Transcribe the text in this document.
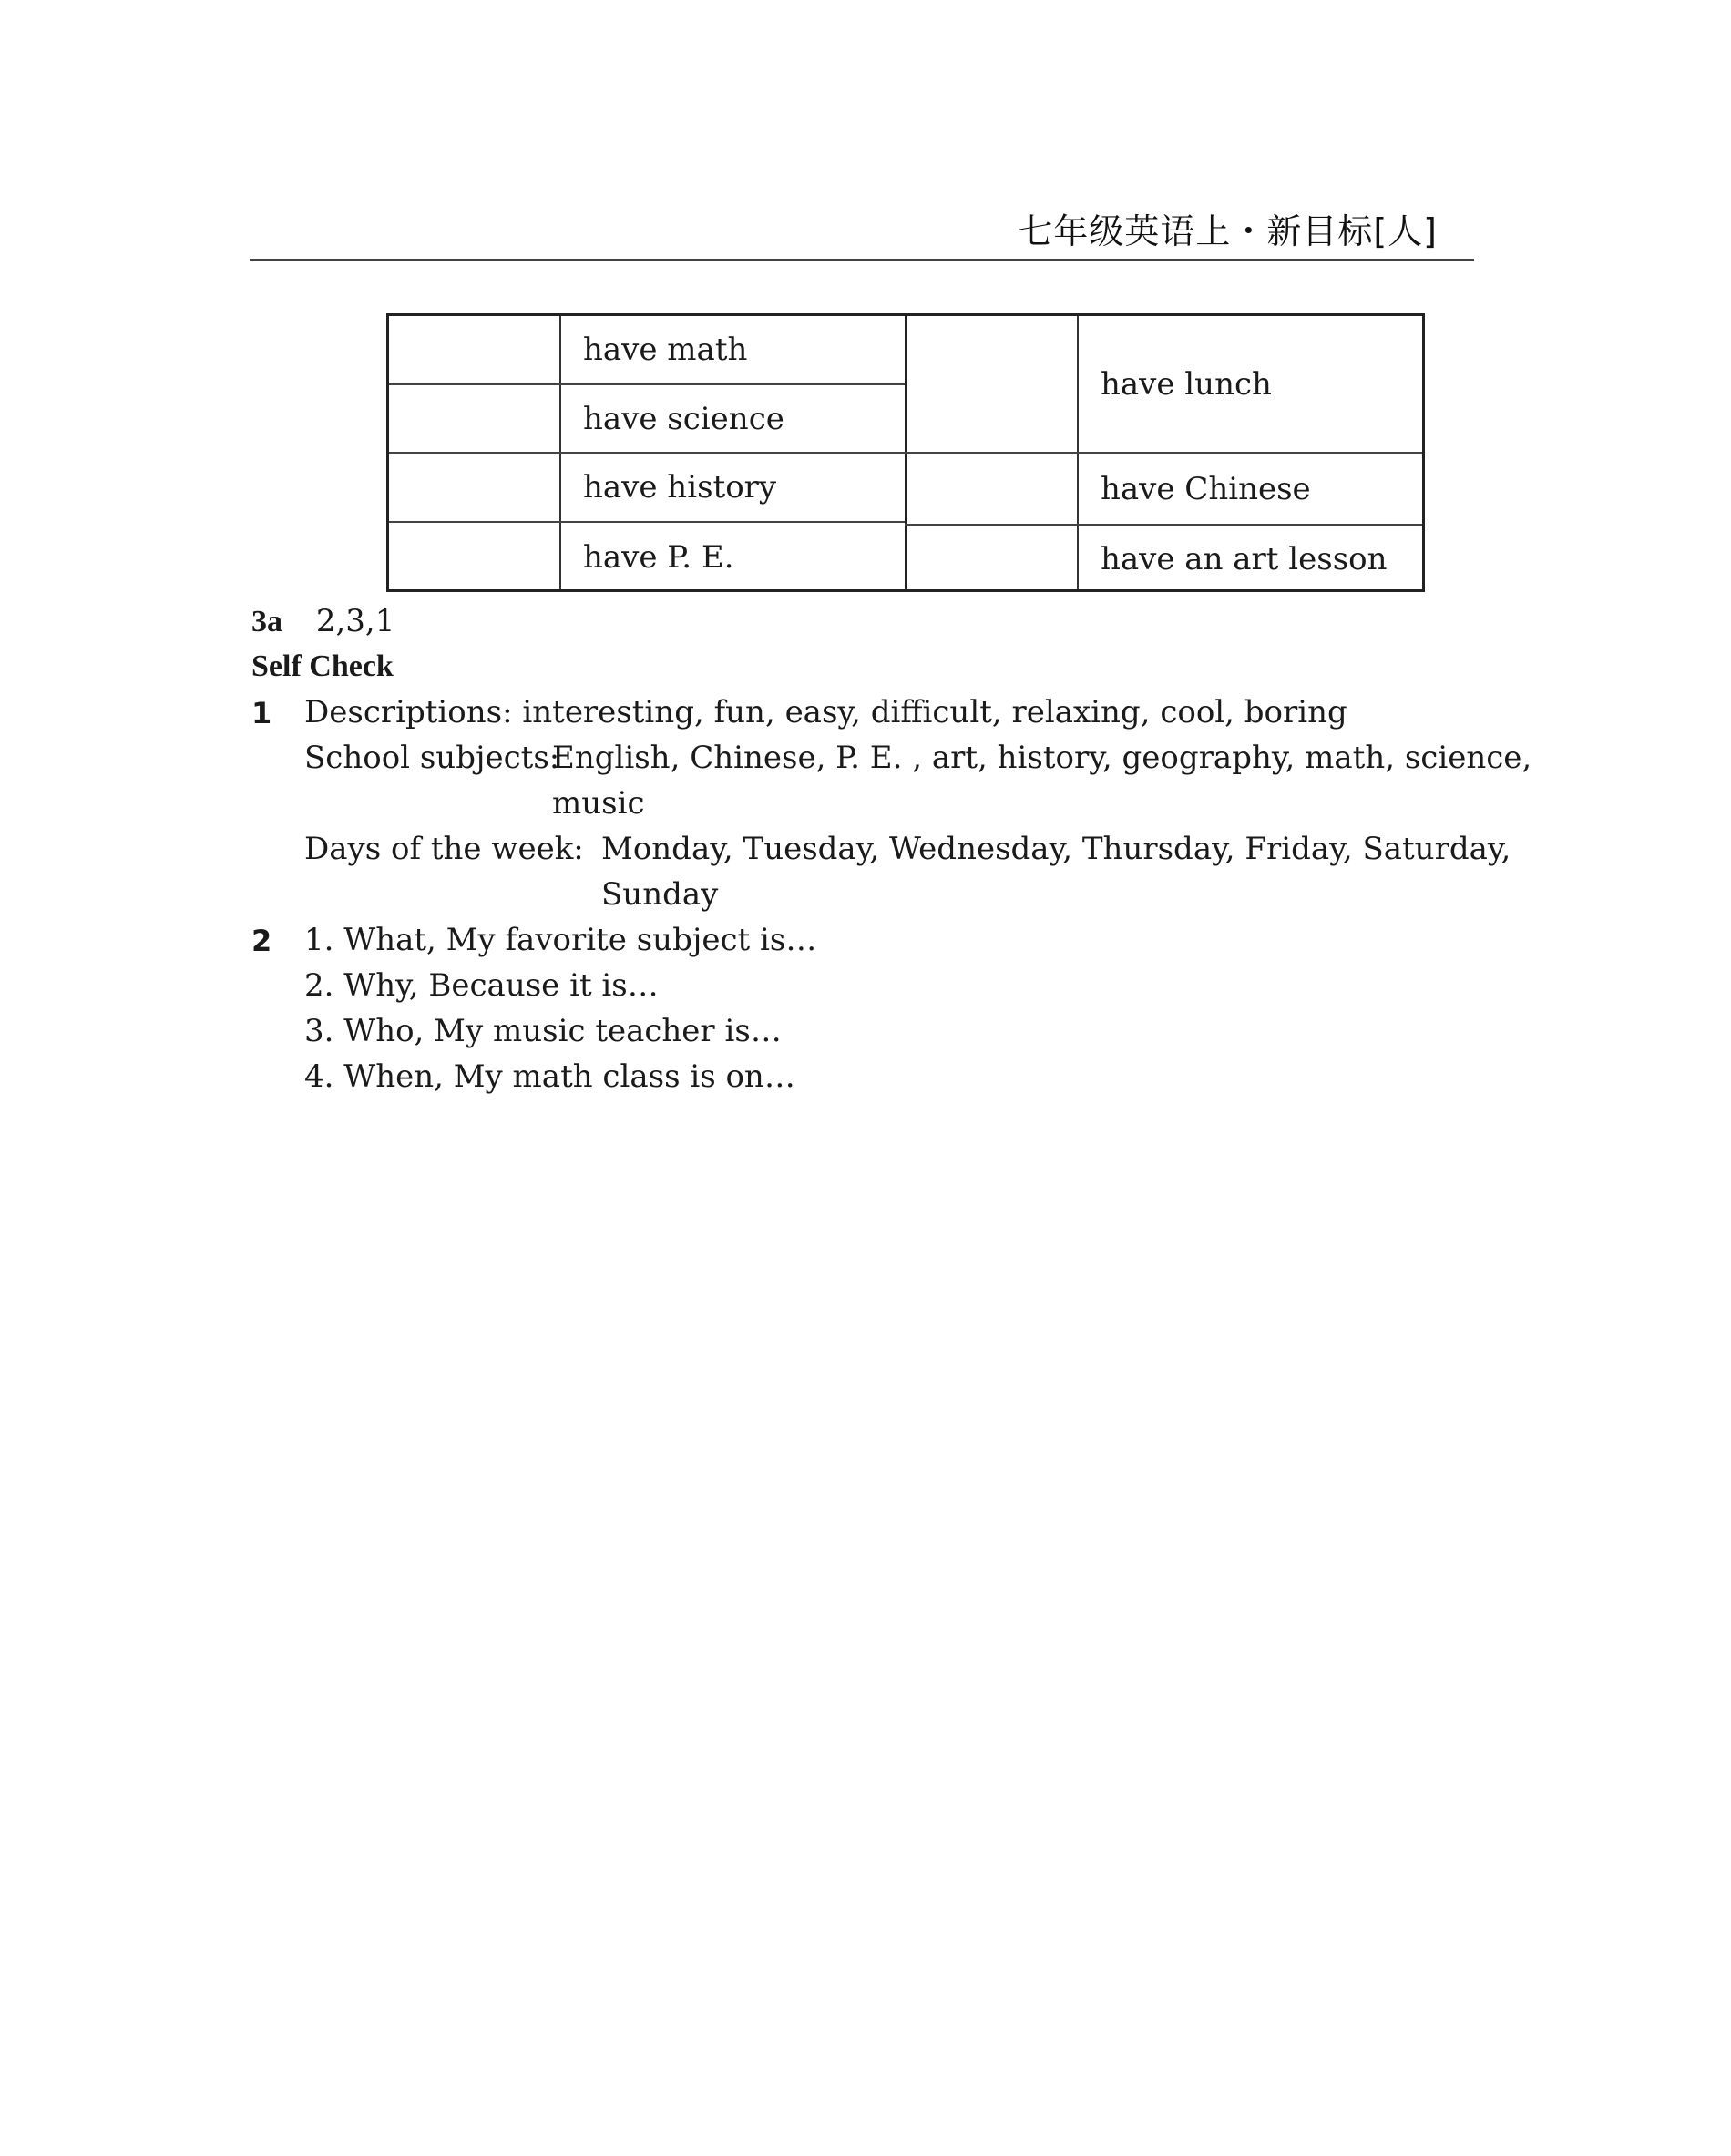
七年级英语上・新目标[人]
have math
have science
have history
have P. E.
have lunch
have Chinese
have an art lesson
3a 2,3,1
Self Check
1 Descriptions: interesting, fun, easy, difficult, relaxing, cool, boring
School subjects:
English, Chinese, P. E. , art, history, geography, math, science,
music
Days of the week: Monday, Tuesday, Wednesday, Thursday, Friday, Saturday,
Sunday
2 1. What, My favorite subject is…
2. Why, Because it is…
3. Who, My music teacher is…
4. When, My math class is on…
